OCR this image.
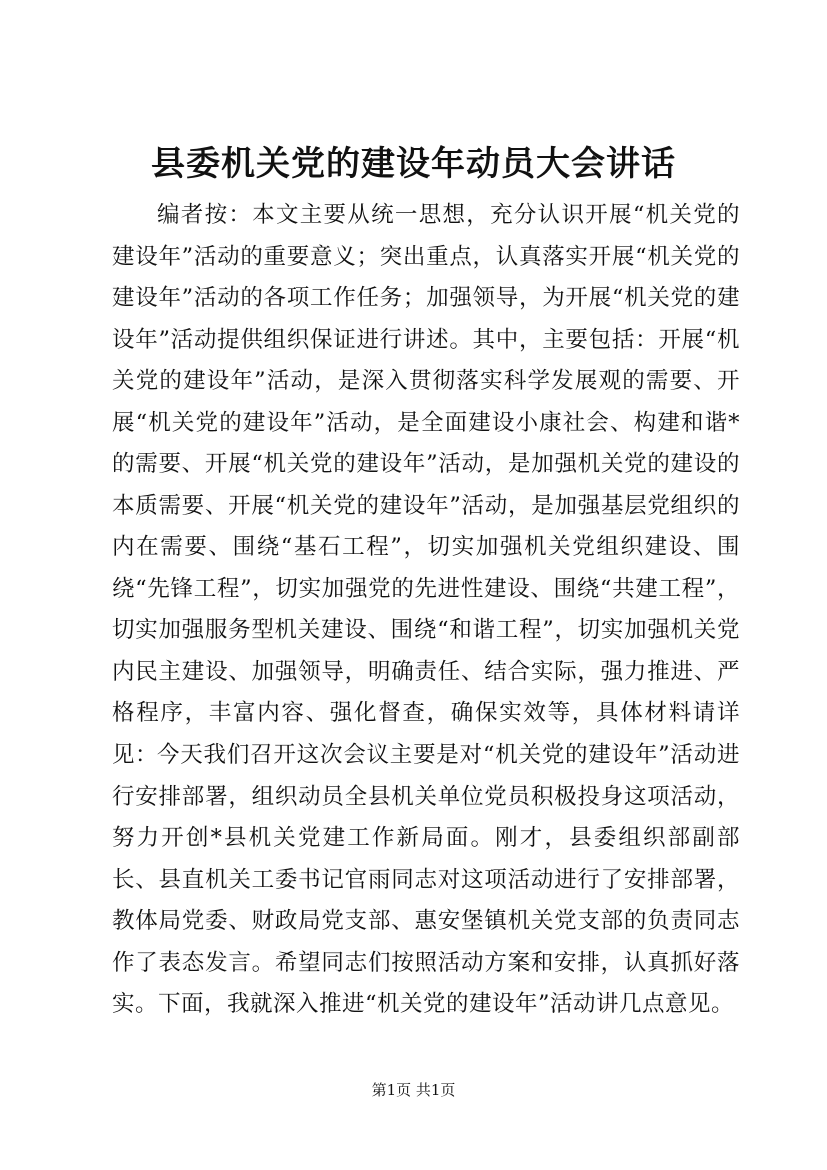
县委机关党的建设年动员大会讲话

编者按：本文主要从统一思想，充分认识开展“机关党的建设年”活动的重要意义；突出重点，认真落实开展“机关党的建设年”活动的各项工作任务；加强领导，为开展“机关党的建设年”活动提供组织保证进行讲述。其中，主要包括：开展“机关党的建设年”活动，是深入贯彻落实科学发展观的需要、开展“机关党的建设年”活动，是全面建设小康社会、构建和谐*的需要、开展“机关党的建设年”活动，是加强机关党的建设的本质需要、开展“机关党的建设年”活动，是加强基层党组织的内在需要、围绕“基石工程”，切实加强机关党组织建设、围绕“先锋工程”，切实加强党的先进性建设、围绕“共建工程”，切实加强服务型机关建设、围绕“和谐工程”，切实加强机关党内民主建设、加强领导，明确责任、结合实际，强力推进、严格程序，丰富内容、强化督查，确保实效等，具体材料请详见：

今天我们召开这次会议主要是对“机关党的建设年”活动进行安排部署，组织动员全县机关单位党员积极投身这项活动，努力开创*县机关党建工作新局面。刚才，县委组织部副部长、县直机关工委书记官雨同志对这项活动进行了安排部署，教体局党委、财政局党支部、惠安堡镇机关党支部的负责同志作了表态发言。希望同志们按照活动方案和安排，认真抓好落实。下面，我就深入推进“机关党的建设年”活动讲几点意见。

第1页 共1页
